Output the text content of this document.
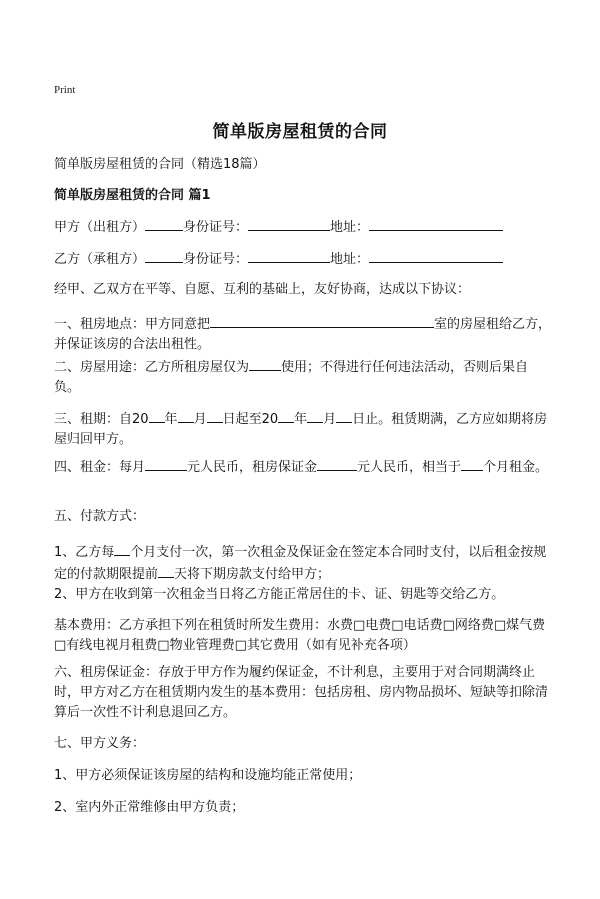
Print
简单版房屋租赁的合同
简单版房屋租赁的合同（精选18篇）
简单版房屋租赁的合同 篇1
甲方（出租方）	身份证号：	地址：
乙方（承租方）	身份证号：	地址：
经甲、乙双方在平等、自愿、互利的基础上，友好协商，达成以下协议：
一、租房地点：甲方同意把	室的房屋租给乙方，并保证该房的合法出租性。
二、房屋用途：乙方所租房屋仅为 使用；不得进行任何违法活动，否则后果自负。
三、租期：自20 年 月 日起至20 年 月 日止。租赁期满，乙方应如期将房屋归回甲方。
四、租金：每月	元人民币，租房保证金	元人民币，相当于 个月租金。
五、付款方式：
1、乙方每 个月支付一次，第一次租金及保证金在签定本合同时支付，以后租金按规定的付款期限提前 天将下期房款支付给甲方；
2、甲方在收到第一次租金当日将乙方能正常居住的卡、证、钥匙等交给乙方。
基本费用：乙方承担下列在租赁时所发生费用：水费□电费□电话费□网络费□煤气费□有线电视月租费□物业管理费□其它费用（如有见补充各项）
六、租房保证金：存放于甲方作为履约保证金，不计利息，主要用于对合同期满终止时，甲方对乙方在租赁期内发生的基本费用：包括房租、房内物品损坏、短缺等扣除清算后一次性不计利息退回乙方。
七、甲方义务：
1、甲方必须保证该房屋的结构和设施均能正常使用；
2、室内外正常维修由甲方负责；
